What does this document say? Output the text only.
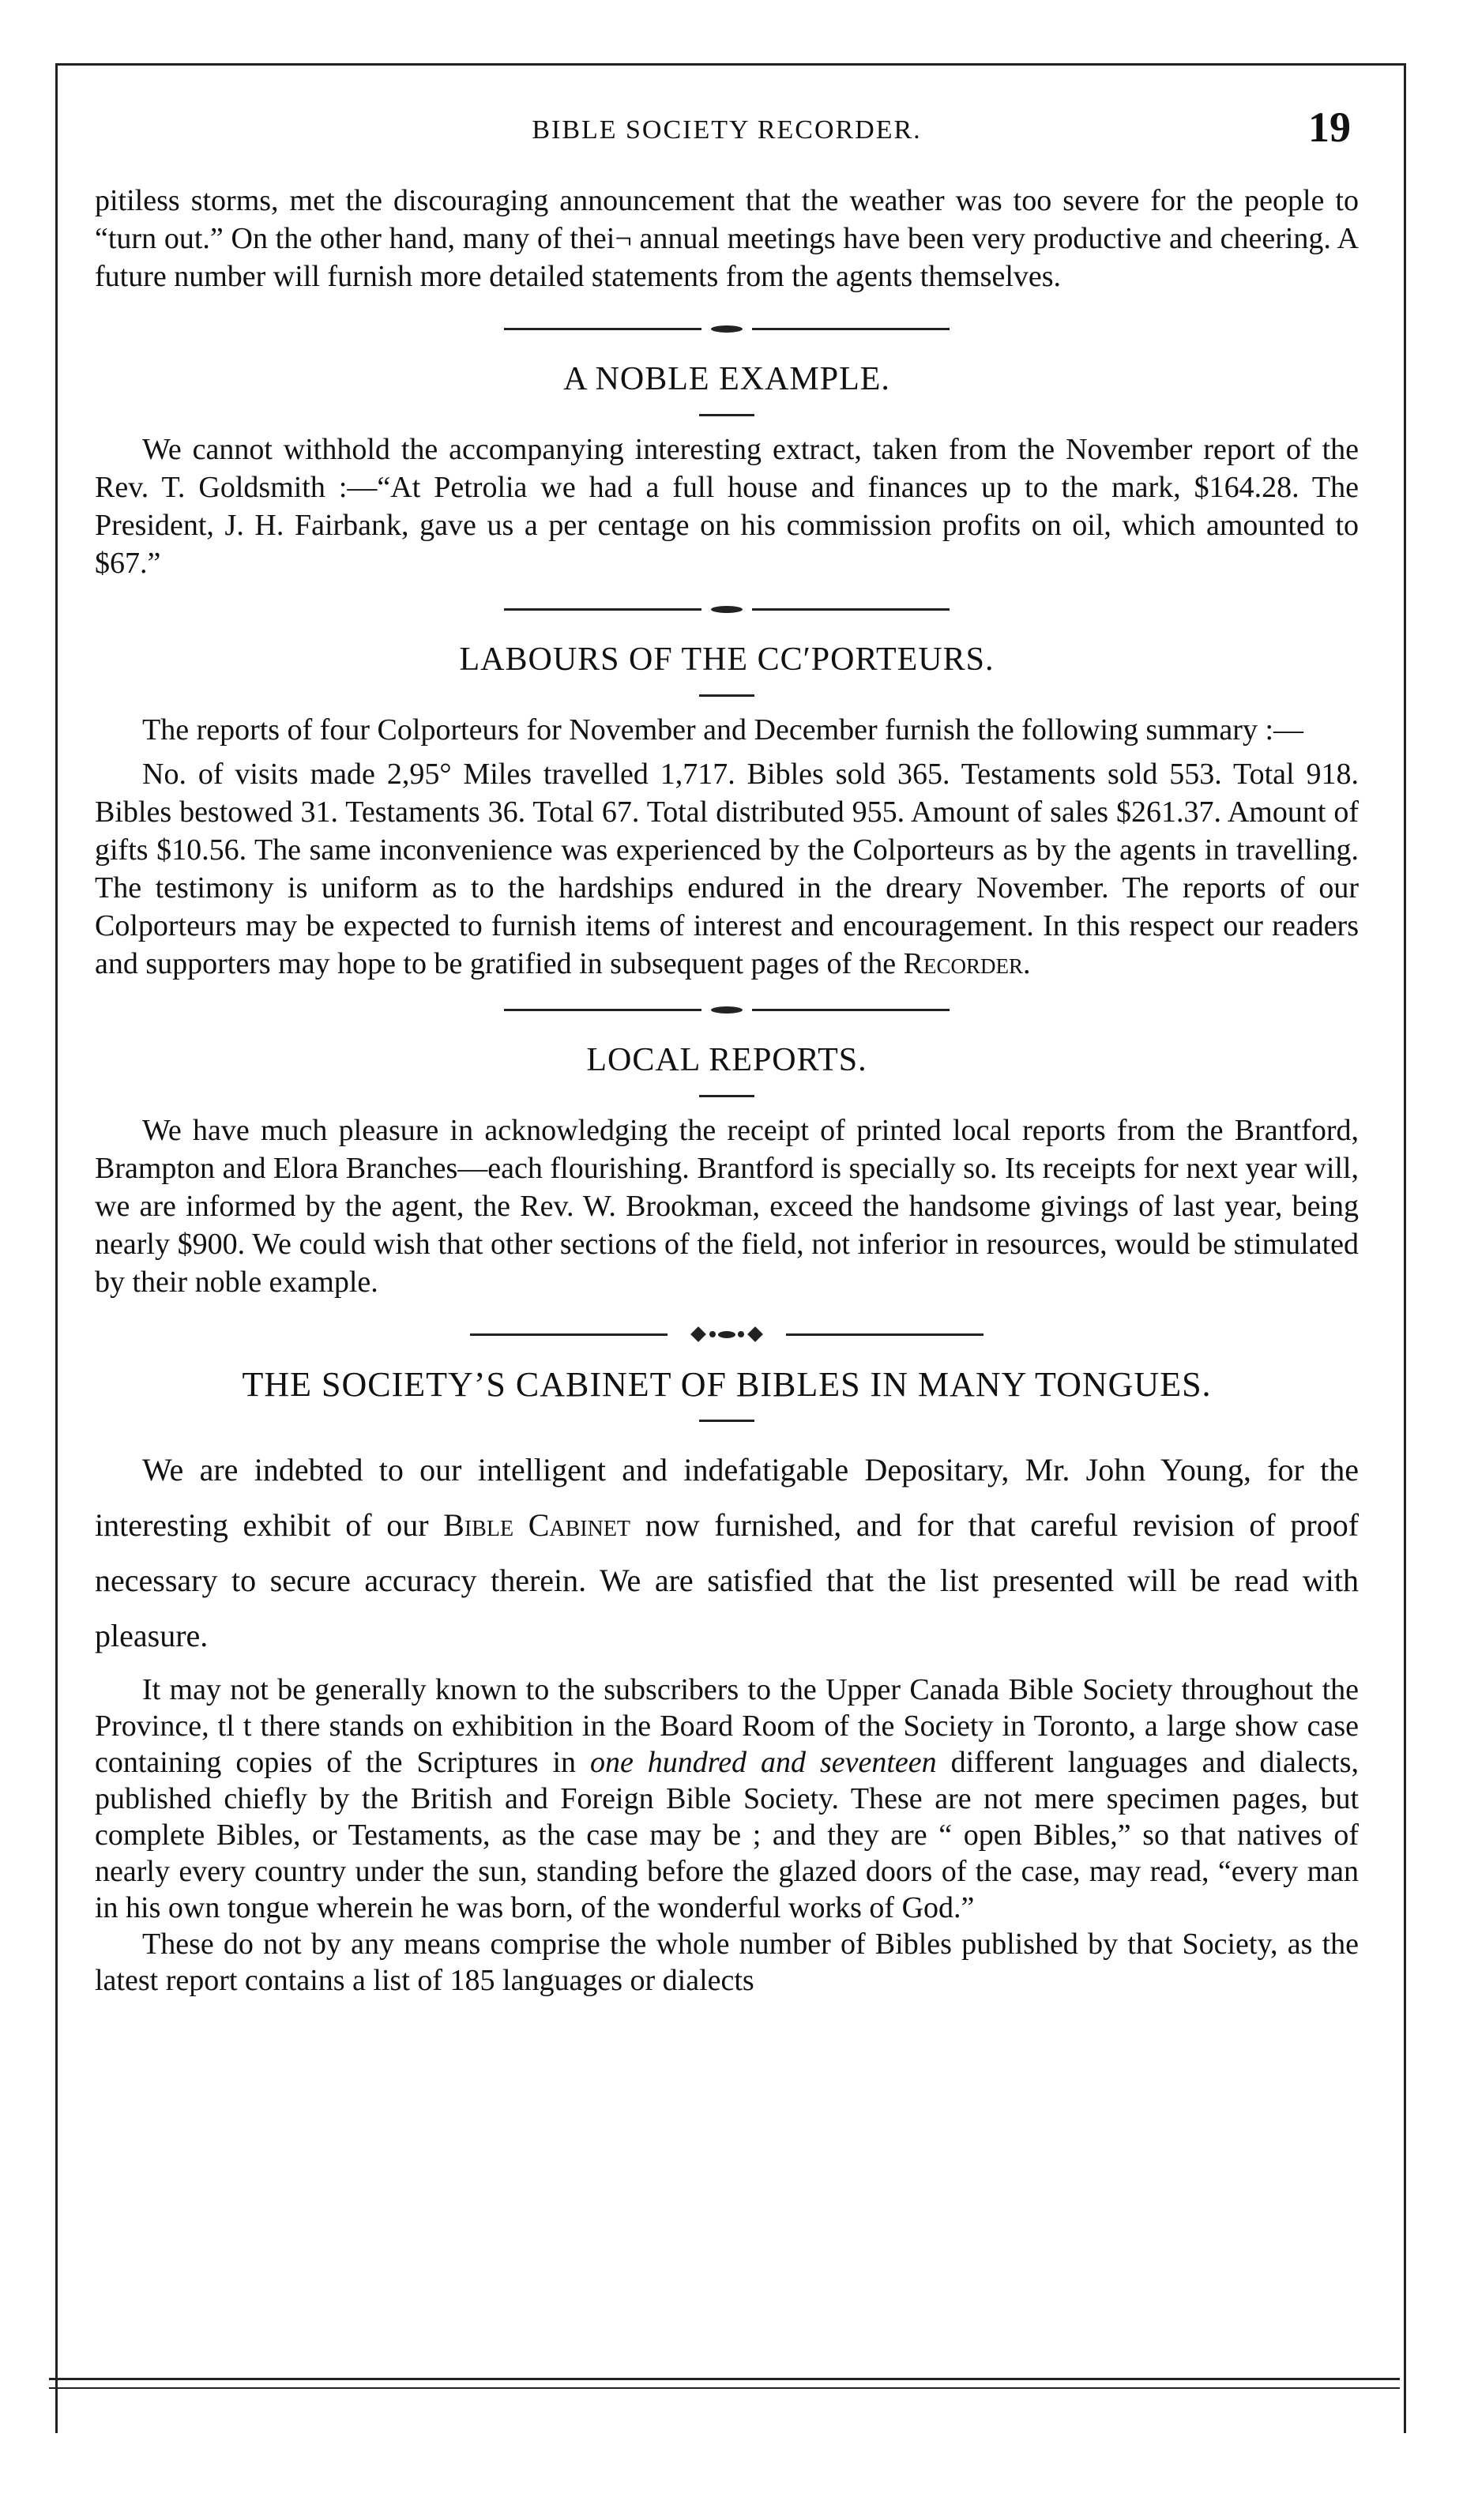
BIBLE SOCIETY RECORDER.	19

pitiless storms, met the discouraging announcement that the weather was too severe for the people to “turn out.” On the other hand, many of thei¬ annual meetings have been very productive and cheering. A future number will furnish more detailed statements from the agents themselves.

A NOBLE EXAMPLE.

We cannot withhold the accompanying interesting extract, taken from the November report of the Rev. T. Goldsmith :—“At Petrolia we had a full house and finances up to the mark, $164.28. The President, J. H. Fairbank, gave us a per centage on his commission profits on oil, which amounted to $67.”

LABOURS OF THE CC′PORTEURS.

The reports of four Colporteurs for November and December furnish the following summary :—

No. of visits made 2,95° Miles travelled 1,717. Bibles sold 365. Testaments sold 553. Total 918. Bibles bestowed 31. Testaments 36. Total 67. Total distributed 955. Amount of sales $261.37. Amount of gifts $10.56. The same inconvenience was experienced by the Colporteurs as by the agents in travelling. The testimony is uniform as to the hardships endured in the dreary November. The reports of our Colporteurs may be expected to furnish items of interest and encouragement. In this respect our readers and supporters may hope to be gratified in subsequent pages of the Recorder.

LOCAL REPORTS.

We have much pleasure in acknowledging the receipt of printed local reports from the Brantford, Brampton and Elora Branches—each flourishing. Brantford is specially so. Its receipts for next year will, we are informed by the agent, the Rev. W. Brookman, exceed the handsome givings of last year, being nearly $900. We could wish that other sections of the field, not inferior in resources, would be stimulated by their noble example.

THE SOCIETY’S CABINET OF BIBLES IN MANY TONGUES.

We are indebted to our intelligent and indefatigable Depositary, Mr. John Young, for the interesting exhibit of our Bible Cabinet now furnished, and for that careful revision of proof necessary to secure accuracy therein. We are satisfied that the list presented will be read with pleasure.

It may not be generally known to the subscribers to the Upper Canada Bible Society throughout the Province, tl t there stands on exhibition in the Board Room of the Society in Toronto, a large show case containing copies of the Scriptures in one hundred and seventeen different languages and dialects, published chiefly by the British and Foreign Bible Society. These are not mere specimen pages, but complete Bibles, or Testaments, as the case may be ; and they are “ open Bibles,” so that natives of nearly every country under the sun, standing before the glazed doors of the case, may read, “every man in his own tongue wherein he was born, of the wonderful works of God.”

These do not by any means comprise the whole number of Bibles published by that Society, as the latest report contains a list of 185 languages or dialects
